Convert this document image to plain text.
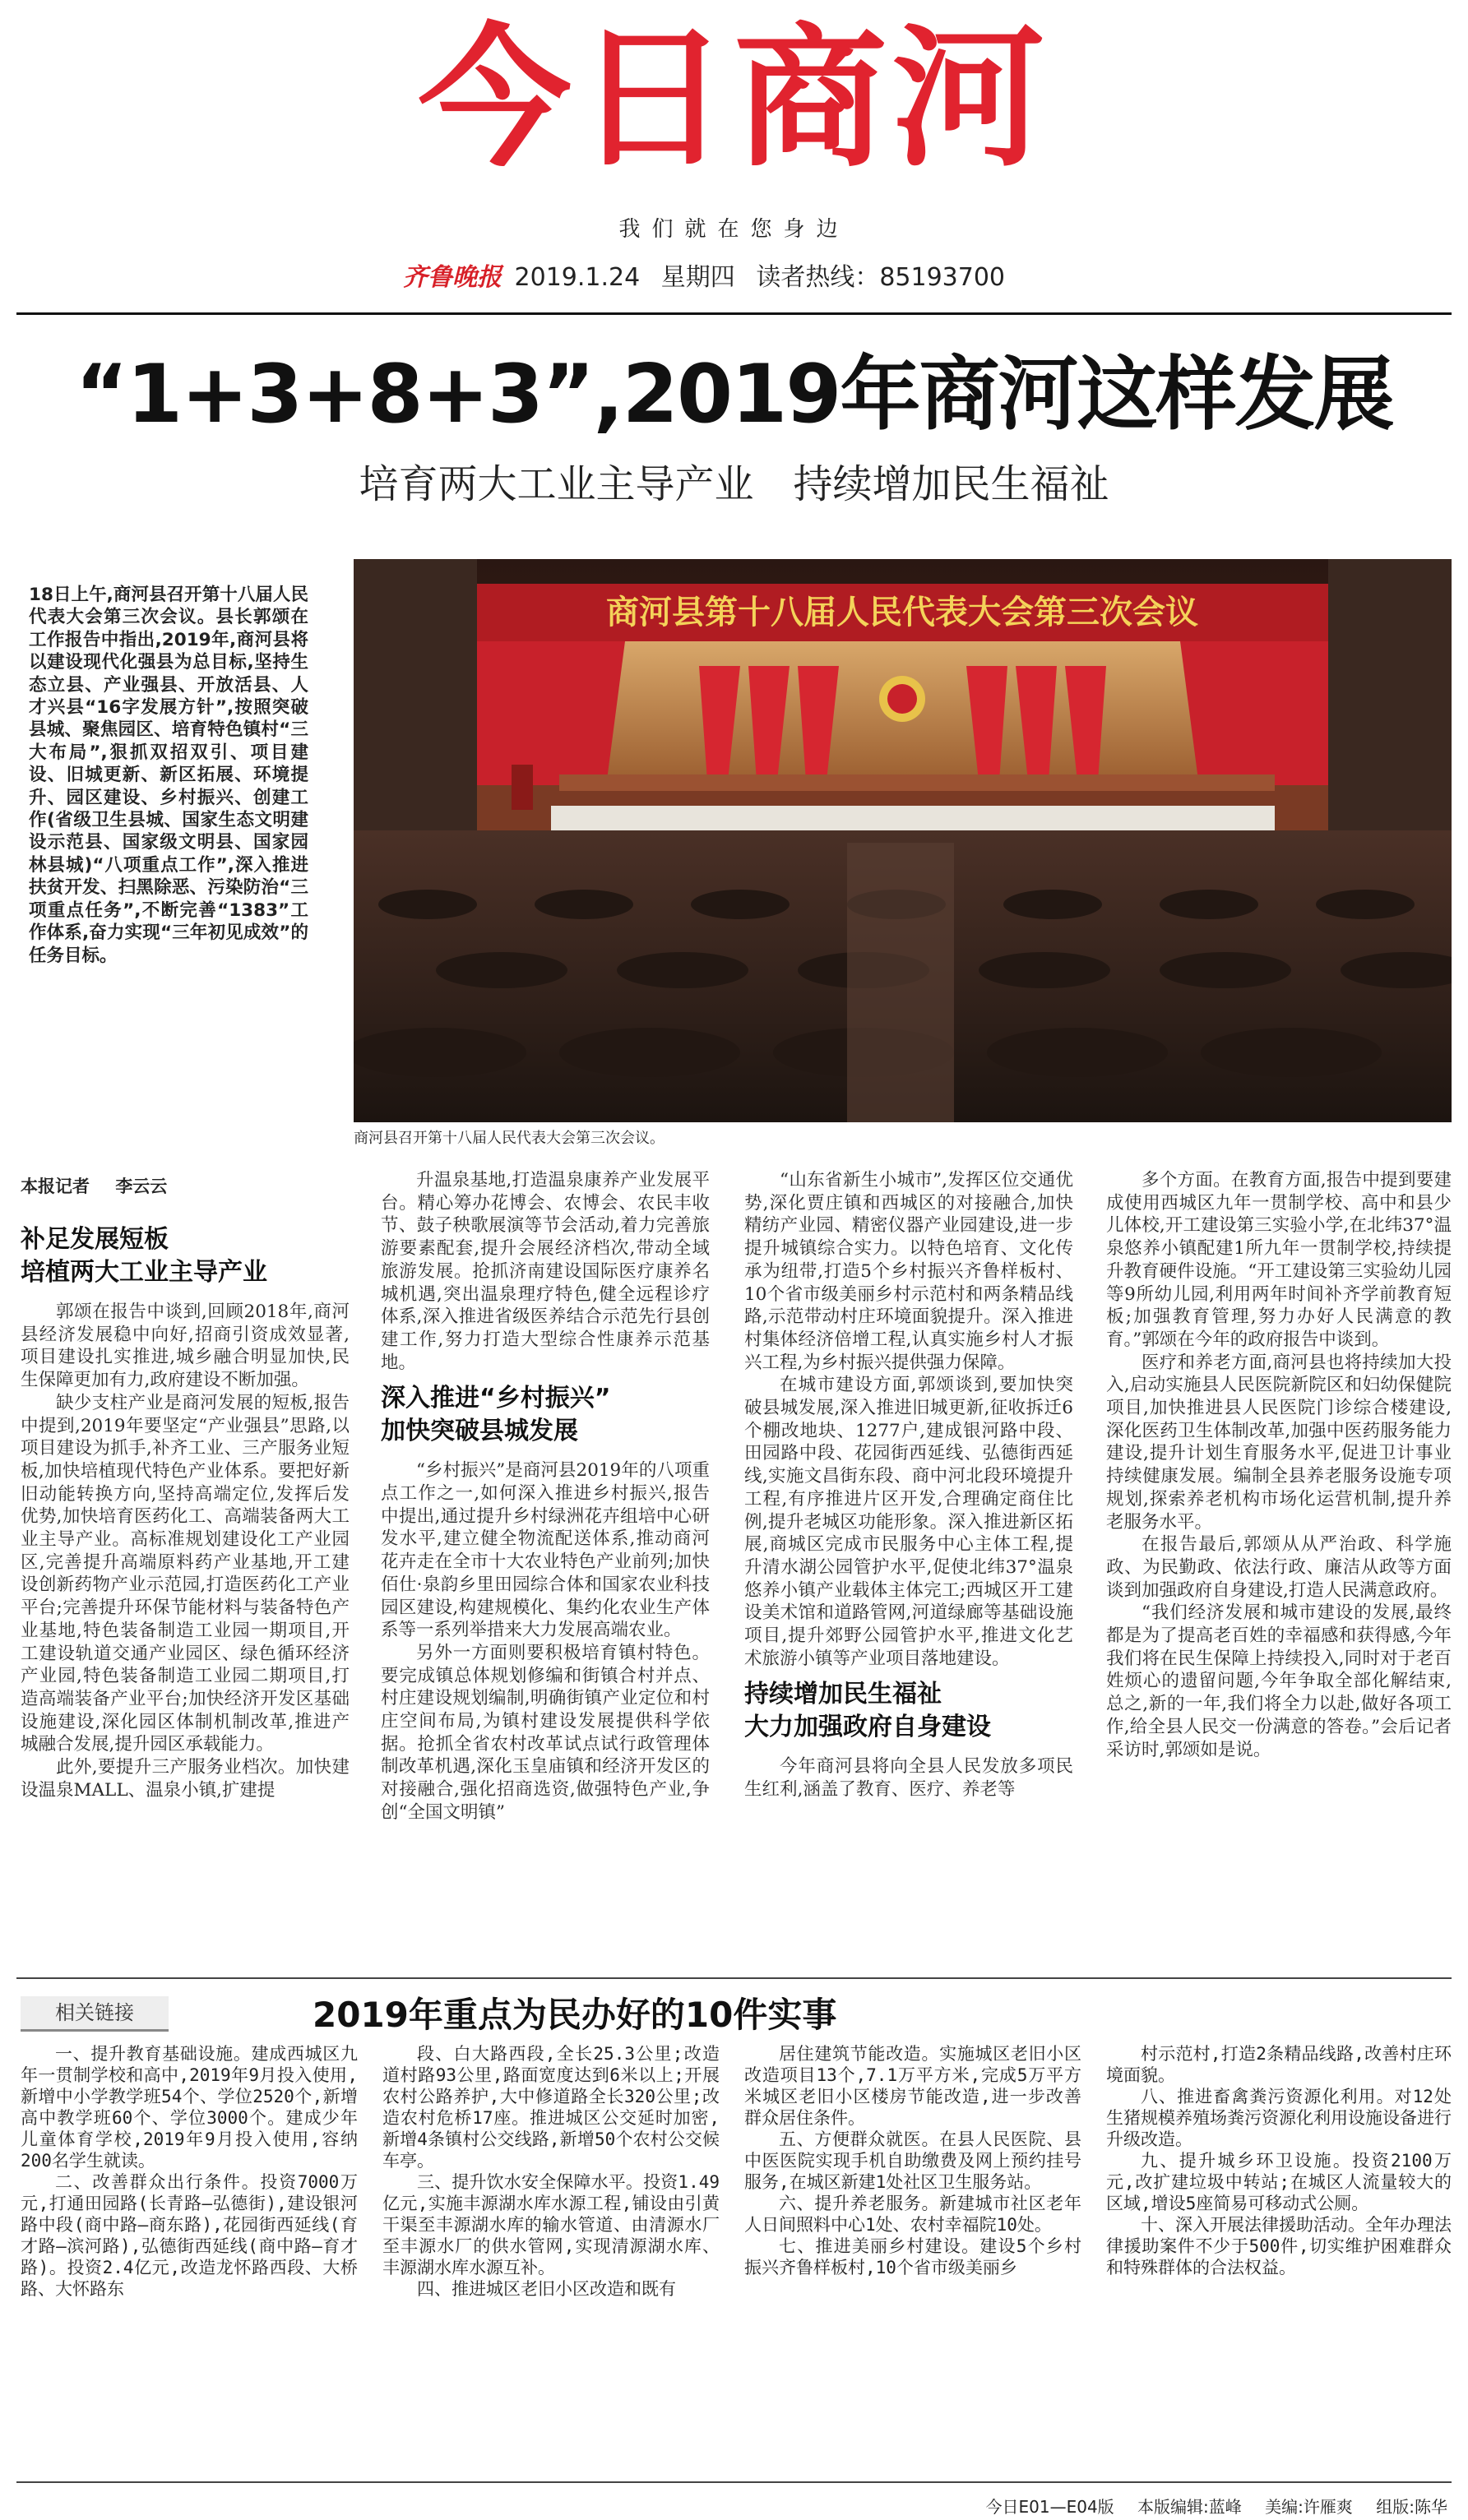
今日商河
我们就在您身边
齐鲁晚报 2019.1.24 星期四 读者热线：85193700
“1+3+8+3”,2019年商河这样发展
培育两大工业主导产业　持续增加民生福祉
18日上午,商河县召开第十八届人民代表大会第三次会议。县长郭颂在工作报告中指出,2019年,商河县将以建设现代化强县为总目标,坚持生态立县、产业强县、开放活县、人才兴县“16字发展方针”,按照突破县城、聚焦园区、培育特色镇村“三大布局”,狠抓双招双引、项目建设、旧城更新、新区拓展、环境提升、园区建设、乡村振兴、创建工作(省级卫生县城、国家生态文明建设示范县、国家级文明县、国家园林县城)“八项重点工作”,深入推进扶贫开发、扫黑除恶、污染防治“三项重点任务”,不断完善“1383”工作体系,奋力实现“三年初见成效”的任务目标。
商河县第十八届人民代表大会第三次会议
商河县召开第十八届人民代表大会第三次会议。
本报记者 李云云
补足发展短板
培植两大工业主导产业

郭颂在报告中谈到,回顾2018年,商河县经济发展稳中向好,招商引资成效显著,项目建设扎实推进,城乡融合明显加快,民生保障更加有力,政府建设不断加强。

缺少支柱产业是商河发展的短板,报告中提到,2019年要坚定“产业强县”思路,以项目建设为抓手,补齐工业、三产服务业短板,加快培植现代特色产业体系。要把好新旧动能转换方向,坚持高端定位,发挥后发优势,加快培育医药化工、高端装备两大工业主导产业。高标准规划建设化工产业园区,完善提升高端原料药产业基地,开工建设创新药物产业示范园,打造医药化工产业平台;完善提升环保节能材料与装备特色产业基地,特色装备制造工业园一期项目,开工建设轨道交通产业园区、绿色循环经济产业园,特色装备制造工业园二期项目,打造高端装备产业平台;加快经济开发区基础设施建设,深化园区体制机制改革,推进产城融合发展,提升园区承载能力。

此外,要提升三产服务业档次。加快建设温泉MALL、温泉小镇,扩建提

升温泉基地,打造温泉康养产业发展平台。精心筹办花博会、农博会、农民丰收节、鼓子秧歌展演等节会活动,着力完善旅游要素配套,提升会展经济档次,带动全域旅游发展。抢抓济南建设国际医疗康养名城机遇,突出温泉理疗特色,健全远程诊疗体系,深入推进省级医养结合示范先行县创建工作,努力打造大型综合性康养示范基地。

深入推进“乡村振兴”
加快突破县城发展

“乡村振兴”是商河县2019年的八项重点工作之一,如何深入推进乡村振兴,报告中提出,通过提升乡村绿洲花卉组培中心研发水平,建立健全物流配送体系,推动商河花卉走在全市十大农业特色产业前列;加快佰仕·泉韵乡里田园综合体和国家农业科技园区建设,构建规模化、集约化农业生产体系等一系列举措来大力发展高端农业。

另外一方面则要积极培育镇村特色。要完成镇总体规划修编和街镇合村并点、村庄建设规划编制,明确街镇产业定位和村庄空间布局,为镇村建设发展提供科学依据。抢抓全省农村改革试点试行政管理体制改革机遇,深化玉皇庙镇和经济开发区的对接融合,强化招商选资,做强特色产业,争创“全国文明镇”

“山东省新生小城市”,发挥区位交通优势,深化贾庄镇和西城区的对接融合,加快精纺产业园、精密仪器产业园建设,进一步提升城镇综合实力。以特色培育、文化传承为纽带,打造5个乡村振兴齐鲁样板村、10个省市级美丽乡村示范村和两条精品线路,示范带动村庄环境面貌提升。深入推进村集体经济倍增工程,认真实施乡村人才振兴工程,为乡村振兴提供强力保障。

在城市建设方面,郭颂谈到,要加快突破县城发展,深入推进旧城更新,征收拆迁6个棚改地块、1277户,建成银河路中段、田园路中段、花园街西延线、弘德街西延线,实施文昌街东段、商中河北段环境提升工程,有序推进片区开发,合理确定商住比例,提升老城区功能形象。深入推进新区拓展,商城区完成市民服务中心主体工程,提升清水湖公园管护水平,促使北纬37°温泉悠养小镇产业载体主体完工;西城区开工建设美术馆和道路管网,河道绿廊等基础设施项目,提升郊野公园管护水平,推进文化艺术旅游小镇等产业项目落地建设。

持续增加民生福祉
大力加强政府自身建设

今年商河县将向全县人民发放多项民生红利,涵盖了教育、医疗、养老等

多个方面。在教育方面,报告中提到要建成使用西城区九年一贯制学校、高中和县少儿体校,开工建设第三实验小学,在北纬37°温泉悠养小镇配建1所九年一贯制学校,持续提升教育硬件设施。“开工建设第三实验幼儿园等9所幼儿园,利用两年时间补齐学前教育短板;加强教育管理,努力办好人民满意的教育。”郭颂在今年的政府报告中谈到。

医疗和养老方面,商河县也将持续加大投入,启动实施县人民医院新院区和妇幼保健院项目,加快推进县人民医院门诊综合楼建设,深化医药卫生体制改革,加强中医药服务能力建设,提升计划生育服务水平,促进卫计事业持续健康发展。编制全县养老服务设施专项规划,探索养老机构市场化运营机制,提升养老服务水平。

在报告最后,郭颂从从严治政、科学施政、为民勤政、依法行政、廉洁从政等方面谈到加强政府自身建设,打造人民满意政府。

“我们经济发展和城市建设的发展,最终都是为了提高老百姓的幸福感和获得感,今年我们将在民生保障上持续投入,同时对于老百姓烦心的遗留问题,今年争取全部化解结束,总之,新的一年,我们将全力以赴,做好各项工作,给全县人民交一份满意的答卷。”会后记者采访时,郭颂如是说。

相关链接	2019年重点为民办好的10件实事

一、提升教育基础设施。建成西城区九年一贯制学校和高中,2019年9月投入使用,新增中小学教学班54个、学位2520个,新增高中教学班60个、学位3000个。建成少年儿童体育学校,2019年9月投入使用,容纳200名学生就读。

二、改善群众出行条件。投资7000万元,打通田园路(长青路—弘德街),建设银河路中段(商中路—商东路),花园街西延线(育才路—滨河路),弘德街西延线(商中路—育才路)。投资2.4亿元,改造龙怀路西段、大桥路、大怀路东

段、白大路西段,全长25.3公里;改造道村路93公里,路面宽度达到6米以上;开展农村公路养护,大中修道路全长320公里;改造农村危桥17座。推进城区公交延时加密,新增4条镇村公交线路,新增50个农村公交候车亭。

三、提升饮水安全保障水平。投资1.49亿元,实施丰源湖水库水源工程,铺设由引黄干渠至丰源湖水库的输水管道、由清源水厂至丰源水厂的供水管网,实现清源湖水库、丰源湖水库水源互补。

四、推进城区老旧小区改造和既有

居住建筑节能改造。实施城区老旧小区改造项目13个,7.1万平方米,完成5万平方米城区老旧小区楼房节能改造,进一步改善群众居住条件。

五、方便群众就医。在县人民医院、县中医医院实现手机自助缴费及网上预约挂号服务,在城区新建1处社区卫生服务站。

六、提升养老服务。新建城市社区老年人日间照料中心1处、农村幸福院10处。

七、推进美丽乡村建设。建设5个乡村振兴齐鲁样板村,10个省市级美丽乡

村示范村,打造2条精品线路,改善村庄环境面貌。

八、推进畜禽粪污资源化利用。对12处生猪规模养殖场粪污资源化利用设施设备进行升级改造。

九、提升城乡环卫设施。投资2100万元,改扩建垃圾中转站;在城区人流量较大的区域,增设5座简易可移动式公厕。

十、深入开展法律援助活动。全年办理法律援助案件不少于500件,切实维护困难群众和特殊群体的合法权益。

今日E01—E04版 本版编辑:蓝峰 美编:许雁爽 组版:陈华
